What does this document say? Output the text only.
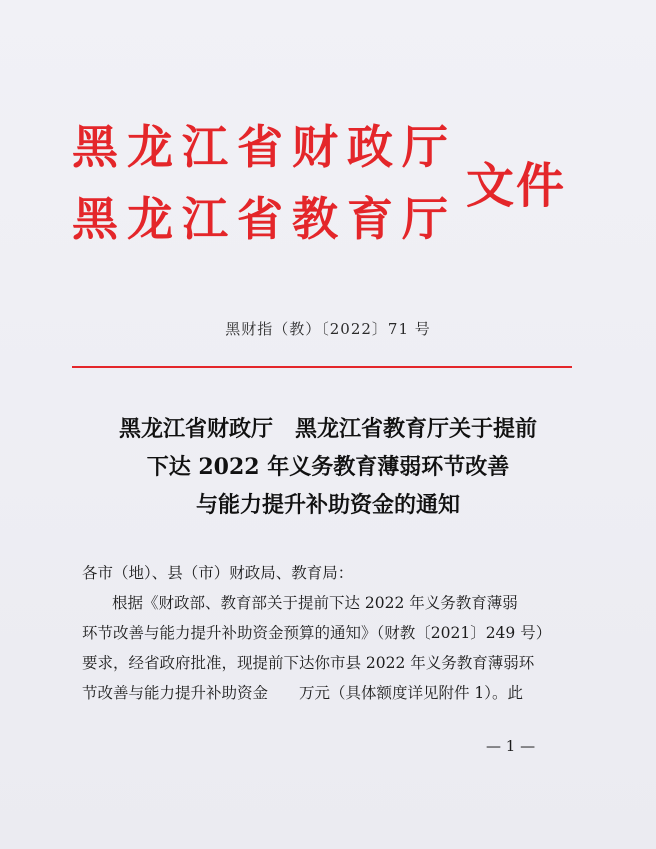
黑龙江省财政厅
黑龙江省教育厅
文件
黑财指（教）〔2022〕71 号
黑龙江省财政厅　黑龙江省教育厅关于提前
下达 2022 年义务教育薄弱环节改善
与能力提升补助资金的通知
各市（地）、县（市）财政局、教育局：
根据《财政部、教育部关于提前下达 2022 年义务教育薄弱
环节改善与能力提升补助资金预算的通知》（财教〔2021〕249 号）
要求，经省政府批准，现提前下达你市县 2022 年义务教育薄弱环
节改善与能力提升补助资金　　万元（具体额度详见附件 1）。此
— 1 —
